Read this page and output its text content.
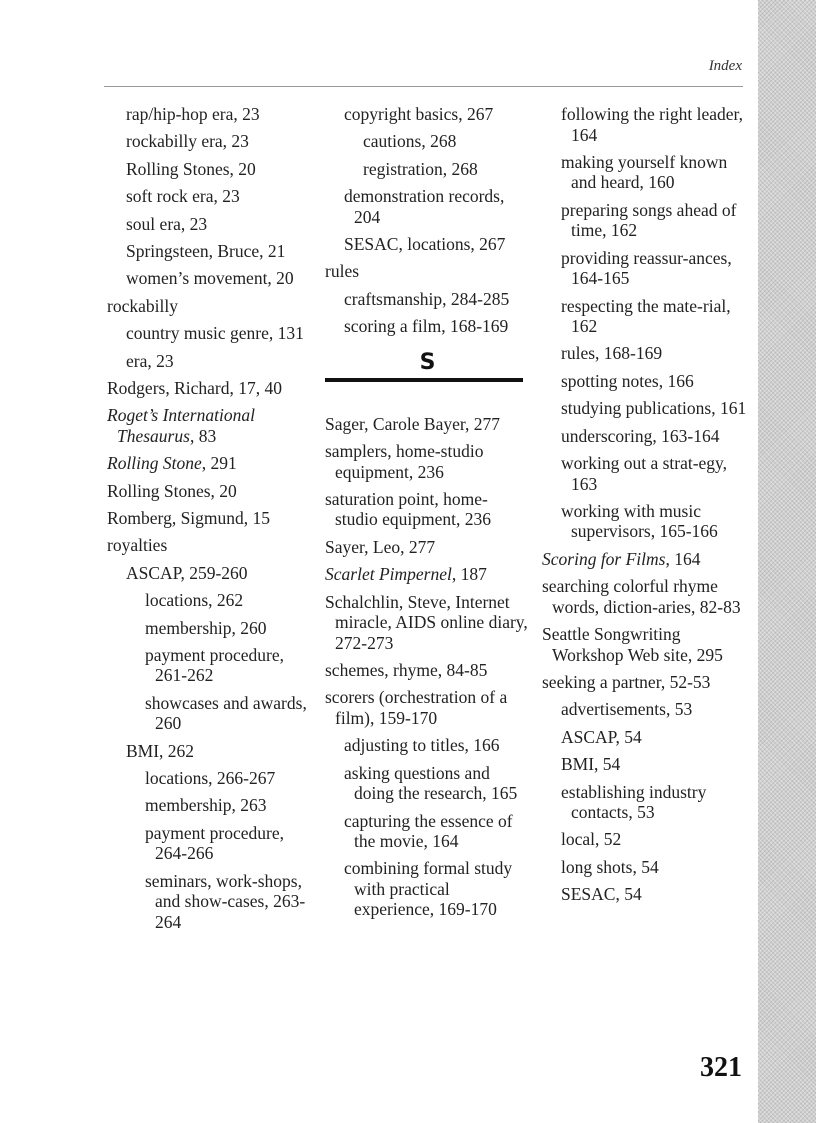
Index
rap/hip-hop era, 23
rockabilly era, 23
Rolling Stones, 20
soft rock era, 23
soul era, 23
Springsteen, Bruce, 21
women’s movement, 20
rockabilly
country music genre, 131
era, 23
Rodgers, Richard, 17, 40
Roget’s International Thesaurus, 83
Rolling Stone, 291
Rolling Stones, 20
Romberg, Sigmund, 15
royalties
ASCAP, 259-260
locations, 262
membership, 260
payment procedure, 261-262
showcases and awards, 260
BMI, 262
locations, 266-267
membership, 263
payment procedure, 264-266
seminars, work-shops, and show-cases, 263-264
copyright basics, 267
cautions, 268
registration, 268
demonstration records, 204
SESAC, locations, 267
rules
craftsmanship, 284-285
scoring a film, 168-169
S
Sager, Carole Bayer, 277
samplers, home-studio equipment, 236
saturation point, home-studio equipment, 236
Sayer, Leo, 277
Scarlet Pimpernel, 187
Schalchlin, Steve, Internet miracle, AIDS online diary, 272-273
schemes, rhyme, 84-85
scorers (orchestration of a film), 159-170
adjusting to titles, 166
asking questions and doing the research, 165
capturing the essence of the movie, 164
combining formal study with practical experience, 169-170
following the right leader, 164
making yourself known and heard, 160
preparing songs ahead of time, 162
providing reassur-ances, 164-165
respecting the mate-rial, 162
rules, 168-169
spotting notes, 166
studying publications, 161
underscoring, 163-164
working out a strat-egy, 163
working with music supervisors, 165-166
Scoring for Films, 164
searching colorful rhyme words, diction-aries, 82-83
Seattle Songwriting Workshop Web site, 295
seeking a partner, 52-53
advertisements, 53
ASCAP, 54
BMI, 54
establishing industry contacts, 53
local, 52
long shots, 54
SESAC, 54
321
